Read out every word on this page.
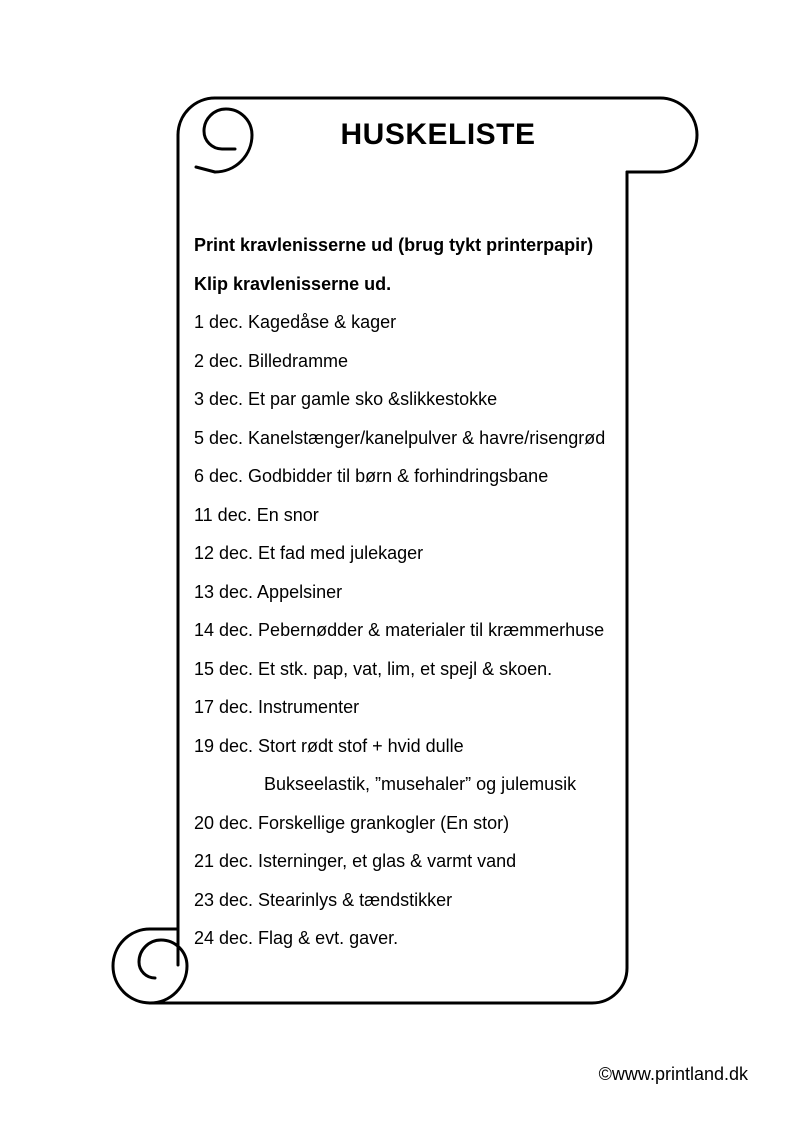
HUSKELISTE
Print kravlenisserne ud (brug tykt printerpapir)
Klip kravlenisserne ud.
1 dec. Kagedåse & kager
2 dec. Billedramme
3 dec. Et par gamle sko &slikkestokke
5 dec. Kanelstænger/kanelpulver & havre/risengrød
6 dec. Godbidder til børn & forhindringsbane
11 dec. En snor
12 dec. Et fad med julekager
13 dec. Appelsiner
14 dec. Pebernødder & materialer til kræmmerhuse
15 dec. Et stk. pap, vat, lim, et spejl & skoen.
17 dec. Instrumenter
19 dec. Stort rødt stof + hvid dulle
Bukseelastik, ”musehaler” og julemusik
20 dec. Forskellige grankogler (En stor)
21 dec. Isterninger, et glas & varmt vand
23 dec. Stearinlys & tændstikker
24 dec. Flag & evt. gaver.
©www.printland.dk
